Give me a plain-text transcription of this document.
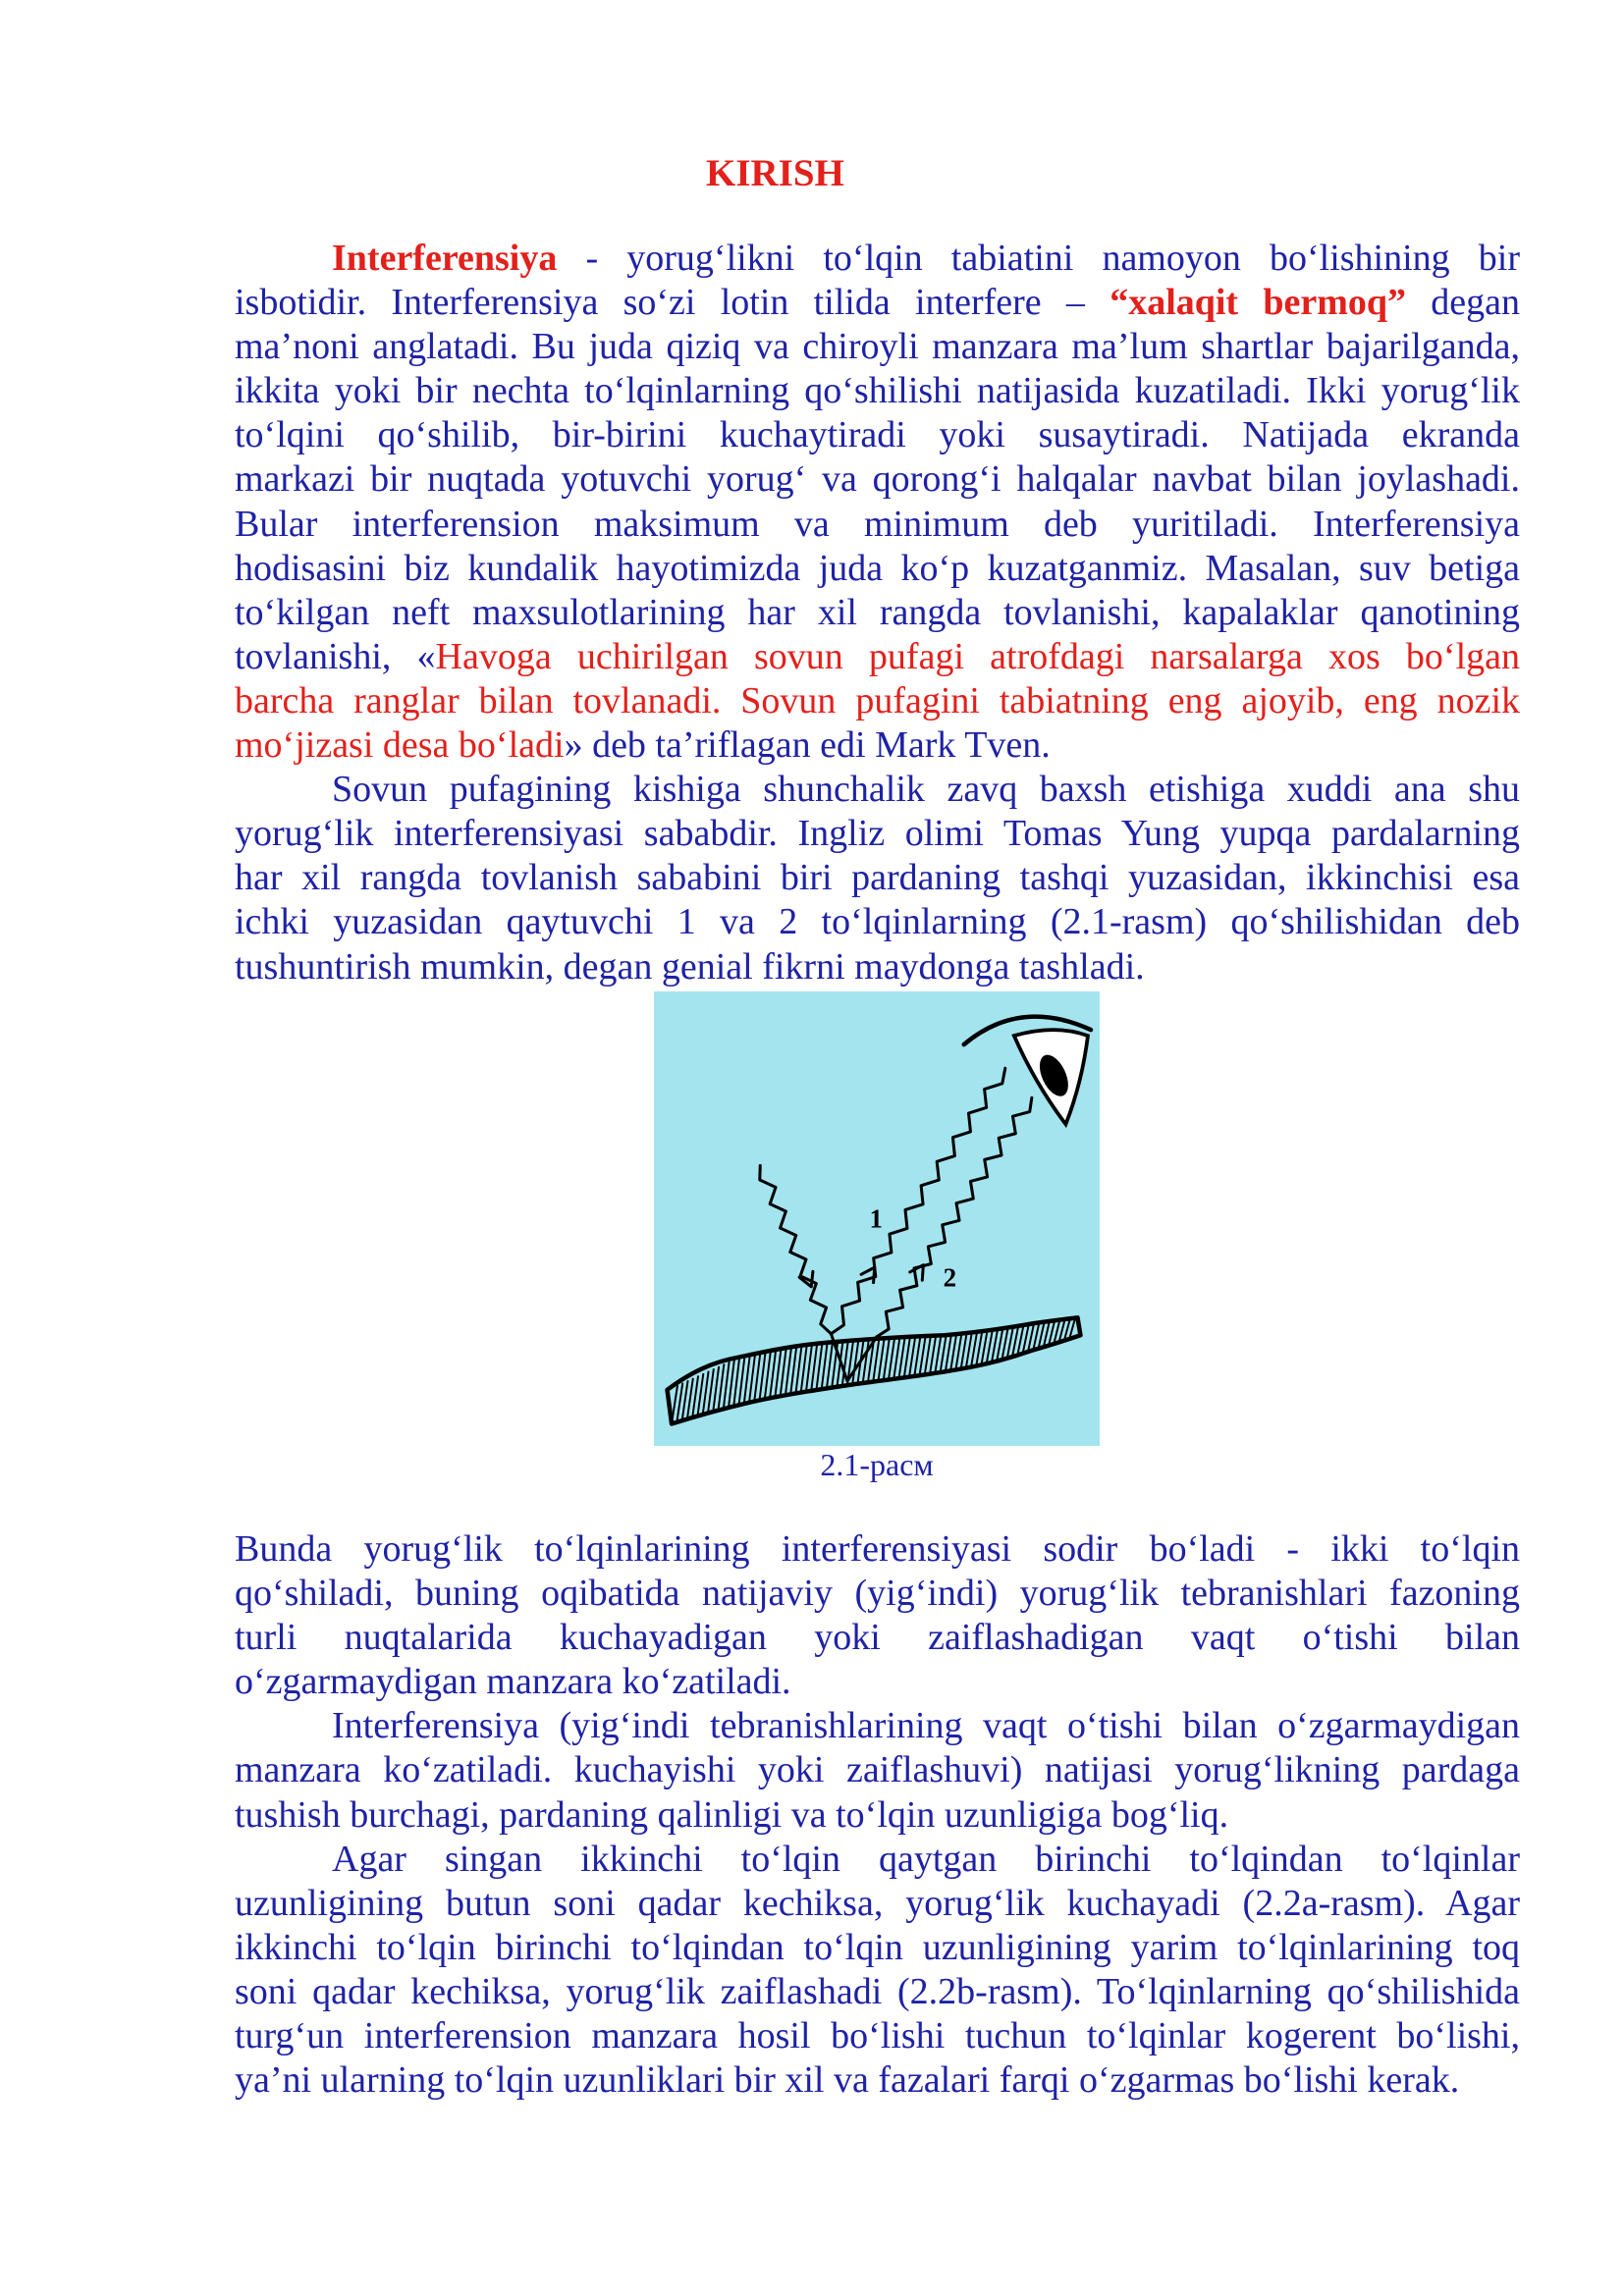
KIRISH
Interferensiya - yorug‘likni to‘lqin tabiatini namoyon bo‘lishining bir
isbotidir. Interferensiya so‘zi lotin tilida interfere – “xalaqit bermoq” degan
ma’noni anglatadi. Bu juda qiziq va chiroyli manzara ma’lum shartlar bajarilganda,
ikkita yoki bir nechta to‘lqinlarning qo‘shilishi natijasida kuzatiladi. Ikki yorug‘lik
to‘lqini qo‘shilib, bir-birini kuchaytiradi yoki susaytiradi. Natijada ekranda
markazi bir nuqtada yotuvchi yorug‘ va qorong‘i halqalar navbat bilan joylashadi.
Bular interferension maksimum va minimum deb yuritiladi. Interferensiya
hodisasini biz kundalik hayotimizda juda ko‘p kuzatganmiz. Masalan, suv betiga
to‘kilgan neft maxsulotlarining har xil rangda tovlanishi, kapalaklar qanotining
tovlanishi, «Havoga uchirilgan sovun pufagi atrofdagi narsalarga xos bo‘lgan
barcha ranglar bilan tovlanadi. Sovun pufagini tabiatning eng ajoyib, eng nozik
mo‘jizasi desa bo‘ladi» deb ta’riflagan edi Mark Tven.
Sovun pufagining kishiga shunchalik zavq baxsh etishiga xuddi ana shu
yorug‘lik interferensiyasi sababdir. Ingliz olimi Tomas Yung yupqa pardalarning
har xil rangda tovlanish sababini biri pardaning tashqi yuzasidan, ikkinchisi esa
ichki yuzasidan qaytuvchi 1 va 2 to‘lqinlarning (2.1-rasm) qo‘shilishidan deb
tushuntirish mumkin, degan genial fikrni maydonga tashladi.
1
2
2.1-расм
Bunda yorug‘lik to‘lqinlarining interferensiyasi sodir bo‘ladi - ikki to‘lqin
qo‘shiladi, buning oqibatida natijaviy (yig‘indi) yorug‘lik tebranishlari fazoning
turli nuqtalarida kuchayadigan yoki zaiflashadigan vaqt o‘tishi bilan
o‘zgarmaydigan manzara ko‘zatiladi.
Interferensiya (yig‘indi tebranishlarining vaqt o‘tishi bilan o‘zgarmaydigan
manzara ko‘zatiladi. kuchayishi yoki zaiflashuvi) natijasi yorug‘likning pardaga
tushish burchagi, pardaning qalinligi va to‘lqin uzunligiga bog‘liq.
Agar singan ikkinchi to‘lqin qaytgan birinchi to‘lqindan to‘lqinlar
uzunligining butun soni qadar kechiksa, yorug‘lik kuchayadi (2.2a-rasm). Agar
ikkinchi to‘lqin birinchi to‘lqindan to‘lqin uzunligining yarim to‘lqinlarining toq
soni qadar kechiksa, yorug‘lik zaiflashadi (2.2b-rasm). To‘lqinlarning qo‘shilishida
turg‘un interferension manzara hosil bo‘lishi tuchun to‘lqinlar kogerent bo‘lishi,
ya’ni ularning to‘lqin uzunliklari bir xil va fazalari farqi o‘zgarmas bo‘lishi kerak.
